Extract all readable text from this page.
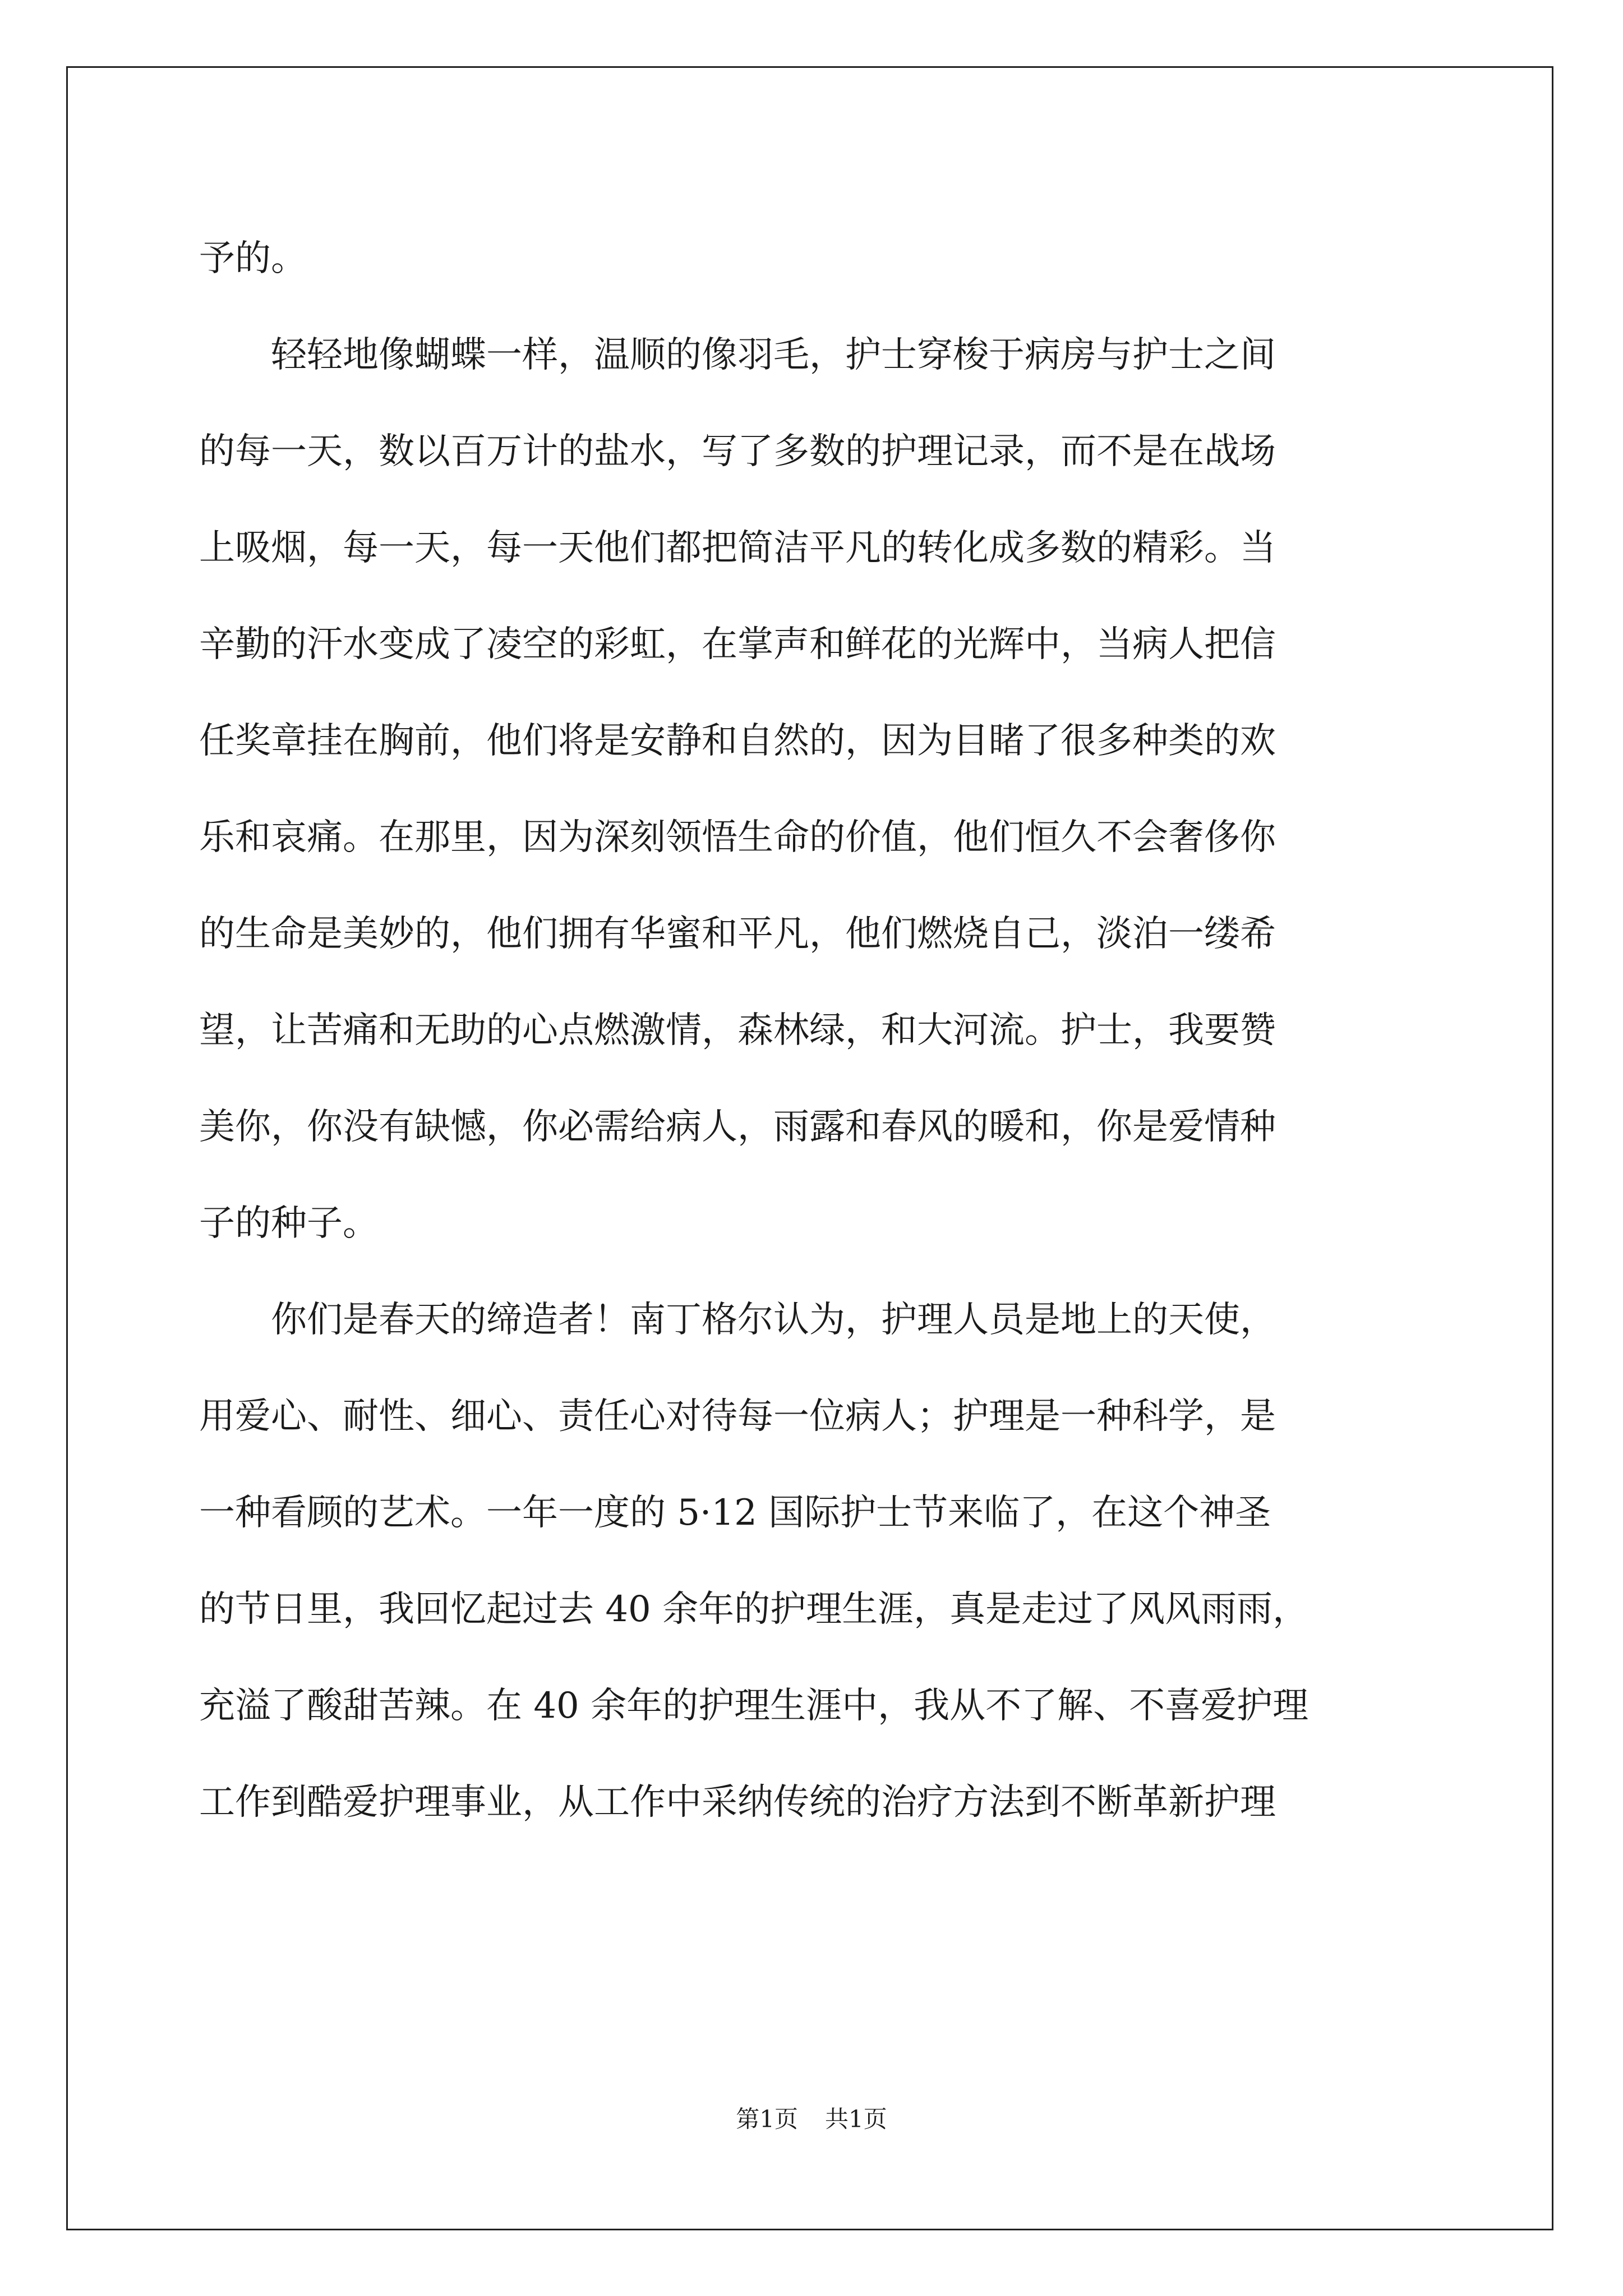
予的。
轻轻地像蝴蝶一样，温顺的像羽毛，护士穿梭于病房与护士之间
的每一天，数以百万计的盐水，写了多数的护理记录，而不是在战场
上吸烟，每一天，每一天他们都把简洁平凡的转化成多数的精彩。当
辛勤的汗水变成了凌空的彩虹，在掌声和鲜花的光辉中，当病人把信
任奖章挂在胸前，他们将是安静和自然的，因为目睹了很多种类的欢
乐和哀痛。在那里，因为深刻领悟生命的价值，他们恒久不会奢侈你
的生命是美妙的，他们拥有华蜜和平凡，他们燃烧自己，淡泊一缕希
望，让苦痛和无助的心点燃激情，森林绿，和大河流。护士，我要赞
美你，你没有缺憾，你必需给病人，雨露和春风的暖和，你是爱情种
子的种子。
你们是春天的缔造者！南丁格尔认为，护理人员是地上的天使，
用爱心、耐性、细心、责任心对待每一位病人；护理是一种科学，是
一种看顾的艺术。一年一度的 5·12 国际护士节来临了，在这个神圣
的节日里，我回忆起过去 40 余年的护理生涯，真是走过了风风雨雨，
充溢了酸甜苦辣。在 40 余年的护理生涯中，我从不了解、不喜爱护理
工作到酷爱护理事业，从工作中采纳传统的治疗方法到不断革新护理
第1页 共1页
